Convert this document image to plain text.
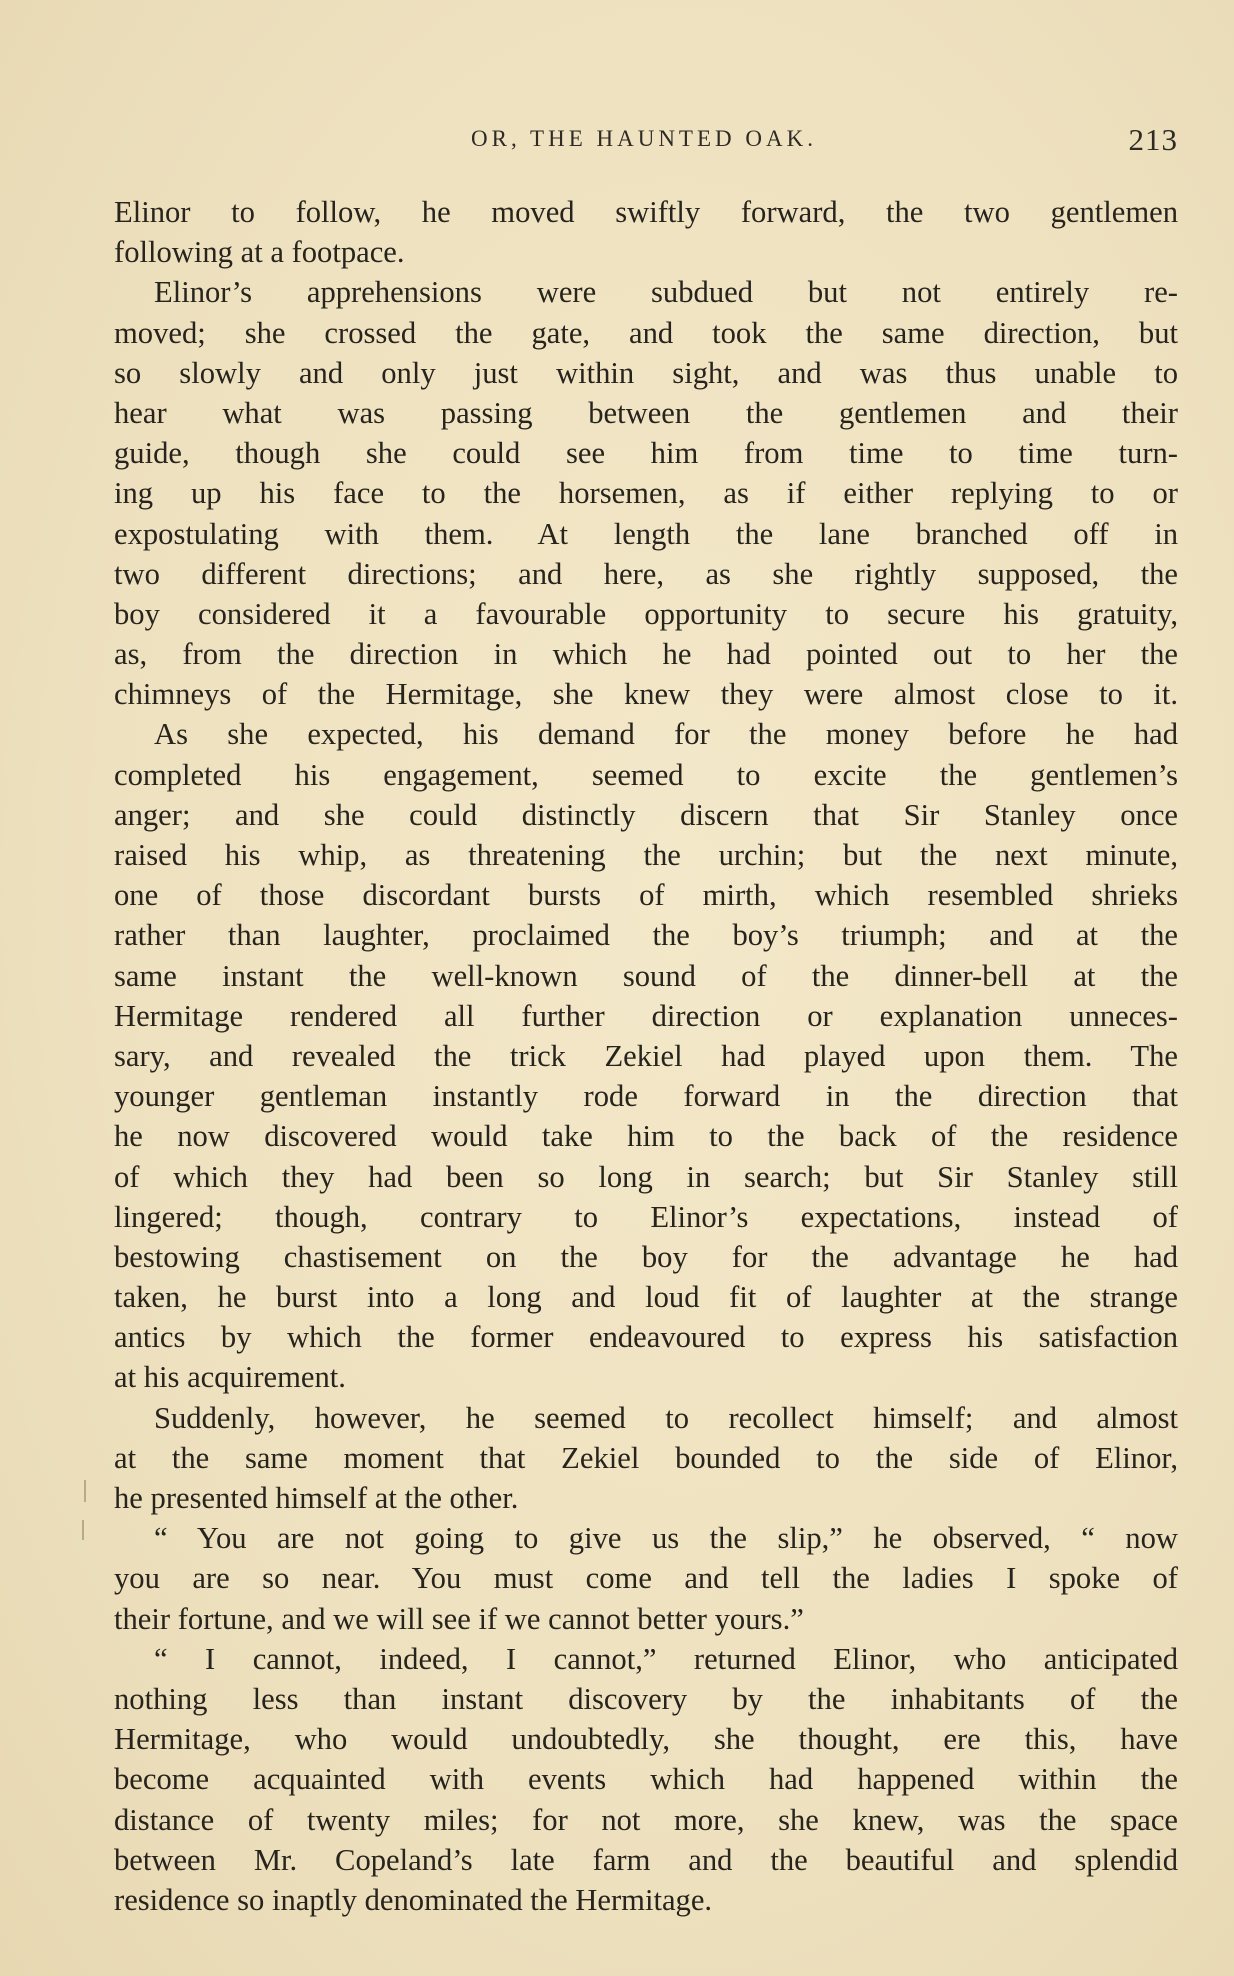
OR, THE HAUNTED OAK.	213
Elinor to follow, he moved swiftly forward, the two gentlemen
following at a footpace.
Elinor’s apprehensions were subdued but not entirely re-
moved; she crossed the gate, and took the same direction, but
so slowly and only just within sight, and was thus unable to
hear what was passing between the gentlemen and their
guide, though she could see him from time to time turn-
ing up his face to the horsemen, as if either replying to or
expostulating with them. At length the lane branched off in
two different directions; and here, as she rightly supposed, the
boy considered it a favourable opportunity to secure his gratuity,
as, from the direction in which he had pointed out to her the
chimneys of the Hermitage, she knew they were almost close to it.
As she expected, his demand for the money before he had
completed his engagement, seemed to excite the gentlemen’s
anger; and she could distinctly discern that Sir Stanley once
raised his whip, as threatening the urchin; but the next minute,
one of those discordant bursts of mirth, which resembled shrieks
rather than laughter, proclaimed the boy’s triumph; and at the
same instant the well-known sound of the dinner-bell at the
Hermitage rendered all further direction or explanation unneces-
sary, and revealed the trick Zekiel had played upon them. The
younger gentleman instantly rode forward in the direction that
he now discovered would take him to the back of the residence
of which they had been so long in search; but Sir Stanley still
lingered; though, contrary to Elinor’s expectations, instead of
bestowing chastisement on the boy for the advantage he had
taken, he burst into a long and loud fit of laughter at the strange
antics by which the former endeavoured to express his satisfaction
at his acquirement.
Suddenly, however, he seemed to recollect himself; and almost
at the same moment that Zekiel bounded to the side of Elinor,
he presented himself at the other.
“ You are not going to give us the slip,” he observed, “ now
you are so near. You must come and tell the ladies I spoke of
their fortune, and we will see if we cannot better yours.”
“ I cannot, indeed, I cannot,” returned Elinor, who anticipated
nothing less than instant discovery by the inhabitants of the
Hermitage, who would undoubtedly, she thought, ere this, have
become acquainted with events which had happened within the
distance of twenty miles; for not more, she knew, was the space
between Mr. Copeland’s late farm and the beautiful and splendid
residence so inaptly denominated the Hermitage.
